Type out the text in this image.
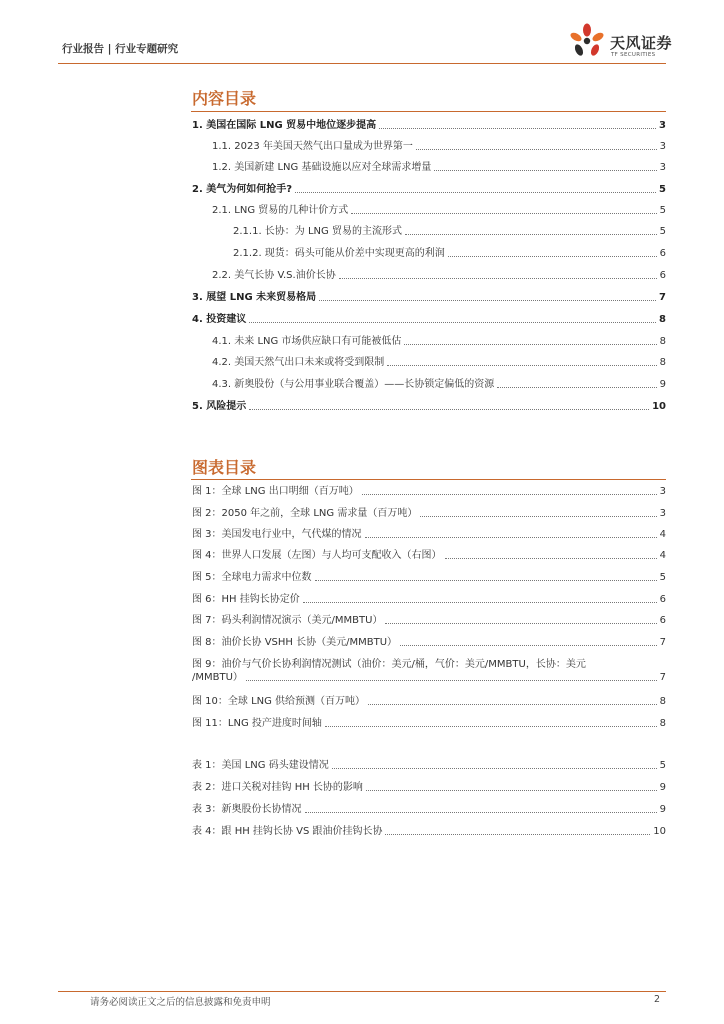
行业报告 | 行业专题研究	天风证券
TF SECURITIES
内容目录
1. 美国在国际 LNG 贸易中地位逐步提高	3
1.1. 2023 年美国天然气出口量成为世界第一	3
1.2. 美国新建 LNG 基础设施以应对全球需求增量	3
2. 美气为何如何抢手?	5
2.1. LNG 贸易的几种计价方式	5
2.1.1. 长协：为 LNG 贸易的主流形式	5
2.1.2. 现货：码头可能从价差中实现更高的利润	6
2.2. 美气长协 V.S.油价长协	6
3. 展望 LNG 未来贸易格局	7
4. 投资建议	8
4.1. 未来 LNG 市场供应缺口有可能被低估	8
4.2. 美国天然气出口未来或将受到限制	8
4.3. 新奥股份（与公用事业联合覆盖）——长协锁定偏低的资源	9
5. 风险提示	10
图表目录
图 1：全球 LNG 出口明细（百万吨）	3
图 2：2050 年之前，全球 LNG 需求量（百万吨）	3
图 3：美国发电行业中，气代煤的情况	4
图 4：世界人口发展（左图）与人均可支配收入（右图）	4
图 5：全球电力需求中位数	5
图 6：HH 挂钩长协定价	6
图 7：码头利润情况演示（美元/MMBTU）	6
图 8：油价长协 VSHH 长协（美元/MMBTU）	7
图 9：油价与气价长协利润情况测试（油价：美元/桶，气价：美元/MMBTU，长协：美元
/MMBTU）	7
图 10：全球 LNG 供给预测（百万吨）	8
图 11：LNG 投产进度时间轴	8
表 1：美国 LNG 码头建设情况	5
表 2：进口关税对挂钩 HH 长协的影响	9
表 3：新奥股份长协情况	9
表 4：跟 HH 挂钩长协 VS 跟油价挂钩长协	10
请务必阅读正文之后的信息披露和免责申明	2
